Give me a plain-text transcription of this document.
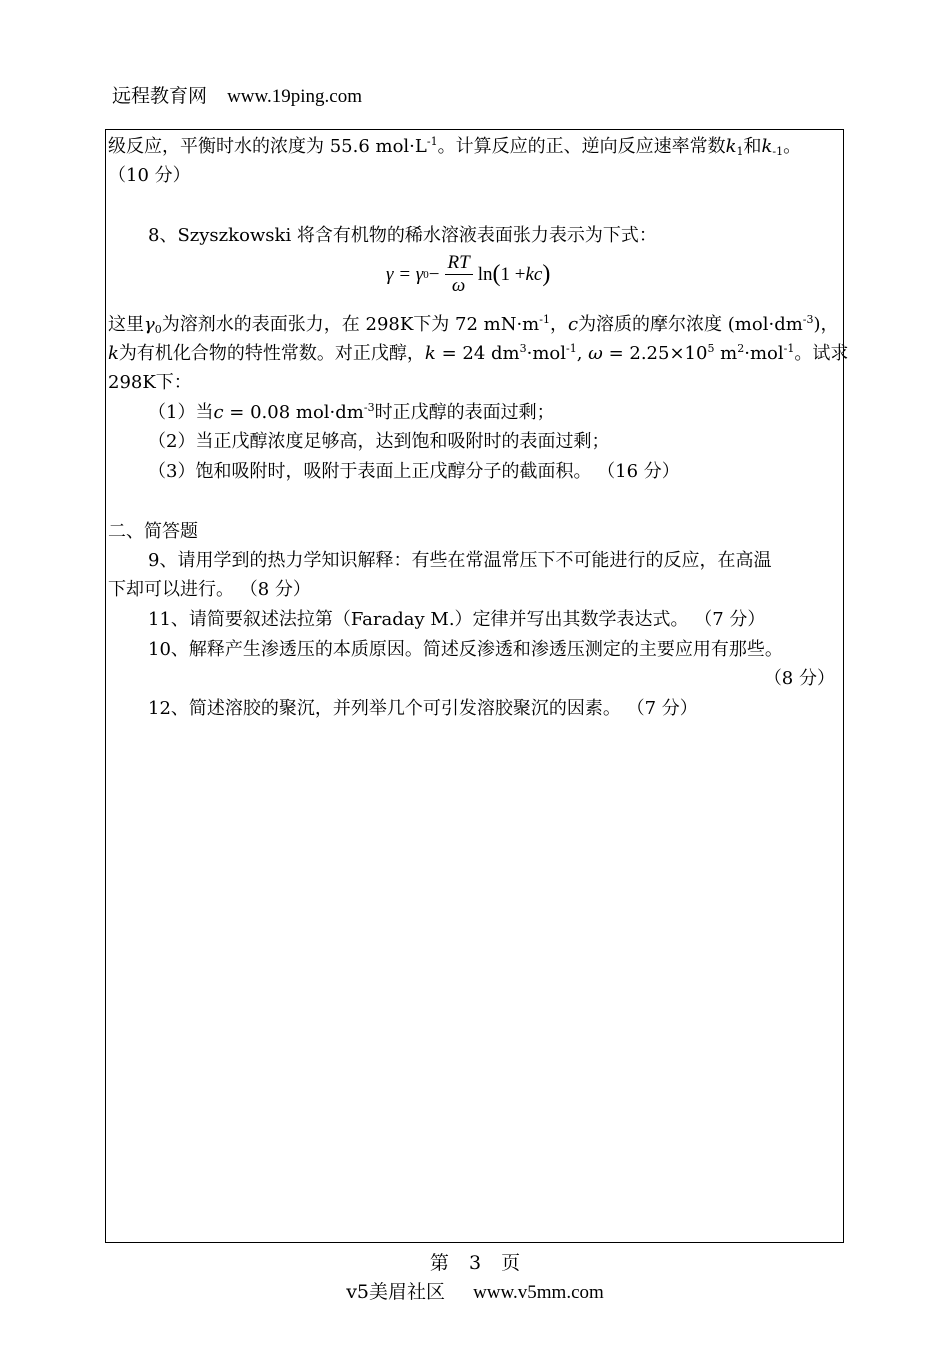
远程教育网 www.19ping.com
级反应，平衡时水的浓度为 55.6 $mol\cdot L^{-1}$。计算反应的正、逆向反应速率常数$k_1$和$k_{-1}$。
（10 分）
8、Szyszkowski 将含有机物的稀水溶液表面张力表示为下式：
γ = γ $0 - \frac{RT}{\omega}$ ln ( 1 + kc )
这里$\gamma_0$为溶剂水的表面张力，在 298K下为 72 $mN\cdot m^{-1}$，c为溶质的摩尔浓度 $(mol\cdot dm^{-3})$，
k为有机化合物的特性常数。对正戊醇，k = 24 $dm^3\cdot mol^{-1}$, $\omega = 2.25\times 10^5$ $m^2\cdot mol^{-1}$。试求
298K下：
（1）当c = 0.08 $mol\cdot dm^{-3}$时正戊醇的表面过剩；
（2）当正戊醇浓度足够高，达到饱和吸附时的表面过剩；
（3）饱和吸附时，吸附于表面上正戊醇分子的截面积。 （16 分）
二、简答题
9、请用学到的热力学知识解释：有些在常温常压下不可能进行的反应，在高温
下却可以进行。 （8 分）
11、请简要叙述法拉第（Faraday M.）定律并写出其数学表达式。 （7 分）
10、解释产生渗透压的本质原因。简述反渗透和渗透压测定的主要应用有那些。
（8 分）
12、简述溶胶的聚沉，并列举几个可引发溶胶聚沉的因素。 （7 分）
第 3 页
v5美眉社区 www.v5mm.com
